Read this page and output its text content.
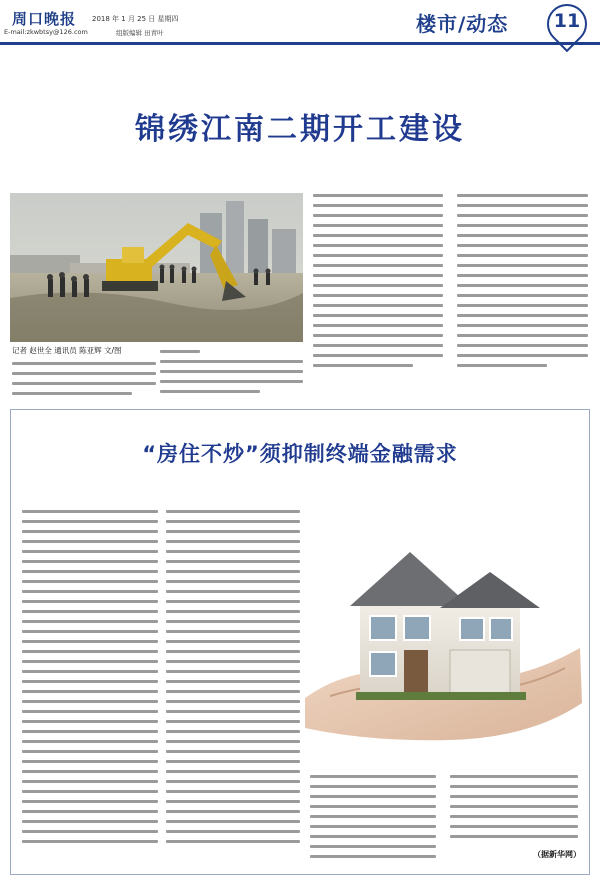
周口晚报 2018 年 1 月 25 日 星期四
E-mail:zkwbtsy@126.com	组版编辑 田青叶	楼市/动态	11
锦绣江南二期开工建设
记者 赵世全 通讯员 陈亚辉 文/图
“房住不炒”须抑制终端金融需求
（据新华网）
